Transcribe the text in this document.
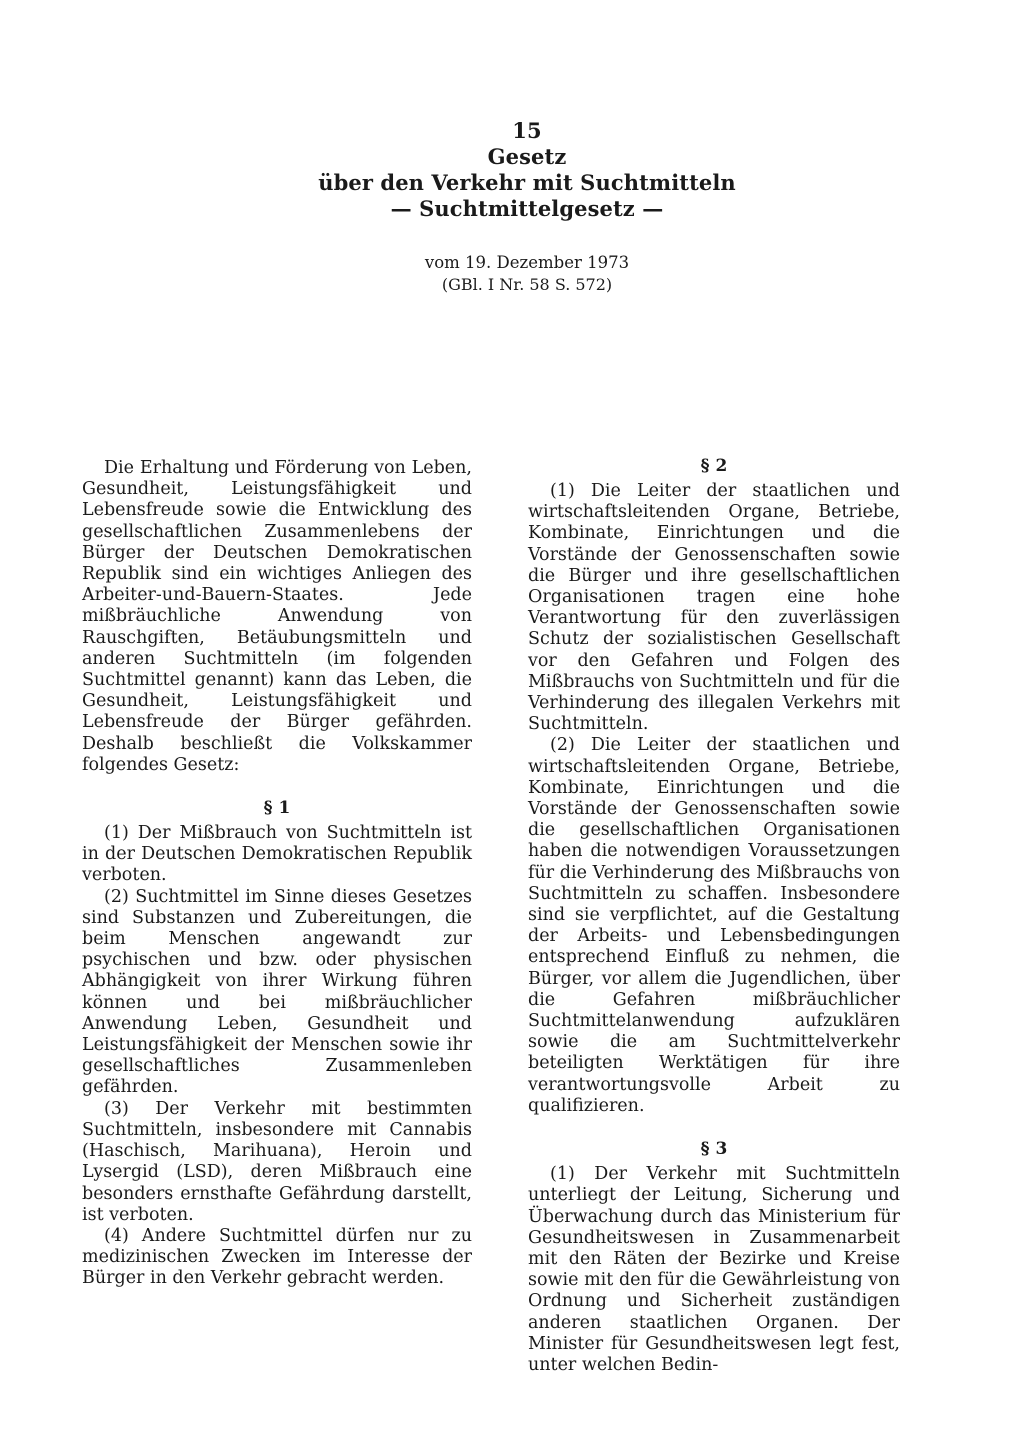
15
Gesetz
über den Verkehr mit Suchtmitteln
— Suchtmittelgesetz —
vom 19. Dezember 1973
(GBl. I Nr. 58 S. 572)

Die Erhaltung und Förderung von Leben, Gesundheit, Leistungsfähigkeit und Lebensfreude sowie die Entwicklung des gesellschaftlichen Zusammenlebens der Bürger der Deutschen Demokratischen Republik sind ein wichtiges Anliegen des Arbeiter-und-Bauern-Staates. Jede mißbräuchliche Anwendung von Rauschgiften, Betäubungsmitteln und anderen Suchtmitteln (im folgenden Suchtmittel genannt) kann das Leben, die Gesundheit, Leistungsfähigkeit und Lebensfreude der Bürger gefährden. Deshalb beschließt die Volkskammer folgendes Gesetz:

§ 1

(1) Der Mißbrauch von Suchtmitteln ist in der Deutschen Demokratischen Republik verboten.

(2) Suchtmittel im Sinne dieses Gesetzes sind Substanzen und Zubereitungen, die beim Menschen angewandt zur psychischen und bzw. oder physischen Abhängigkeit von ihrer Wirkung führen können und bei mißbräuchlicher Anwendung Leben, Gesundheit und Leistungsfähigkeit der Menschen sowie ihr gesellschaftliches Zusammenleben gefährden.

(3) Der Verkehr mit bestimmten Suchtmitteln, insbesondere mit Cannabis (Haschisch, Marihuana), Heroin und Lysergid (LSD), deren Mißbrauch eine besonders ernsthafte Gefährdung darstellt, ist verboten.

(4) Andere Suchtmittel dürfen nur zu medizinischen Zwecken im Interesse der Bürger in den Verkehr gebracht werden.

§ 2

(1) Die Leiter der staatlichen und wirtschaftsleitenden Organe, Betriebe, Kombinate, Einrichtungen und die Vorstände der Genossenschaften sowie die Bürger und ihre gesellschaftlichen Organisationen tragen eine hohe Verantwortung für den zuverlässigen Schutz der sozialistischen Gesellschaft vor den Gefahren und Folgen des Mißbrauchs von Suchtmitteln und für die Verhinderung des illegalen Verkehrs mit Suchtmitteln.

(2) Die Leiter der staatlichen und wirtschaftsleitenden Organe, Betriebe, Kombinate, Einrichtungen und die Vorstände der Genossenschaften sowie die gesellschaftlichen Organisationen haben die notwendigen Voraussetzungen für die Verhinderung des Mißbrauchs von Suchtmitteln zu schaffen. Insbesondere sind sie verpflichtet, auf die Gestaltung der Arbeits- und Lebensbedingungen entsprechend Einfluß zu nehmen, die Bürger, vor allem die Jugendlichen, über die Gefahren mißbräuchlicher Suchtmittelanwendung aufzuklären sowie die am Suchtmittelverkehr beteiligten Werktätigen für ihre verantwortungsvolle Arbeit zu qualifizieren.

§ 3

(1) Der Verkehr mit Suchtmitteln unterliegt der Leitung, Sicherung und Überwachung durch das Ministerium für Gesundheitswesen in Zusammenarbeit mit den Räten der Bezirke und Kreise sowie mit den für die Gewährleistung von Ordnung und Sicherheit zuständigen anderen staatlichen Organen. Der Minister für Gesundheitswesen legt fest, unter welchen Bedin-
